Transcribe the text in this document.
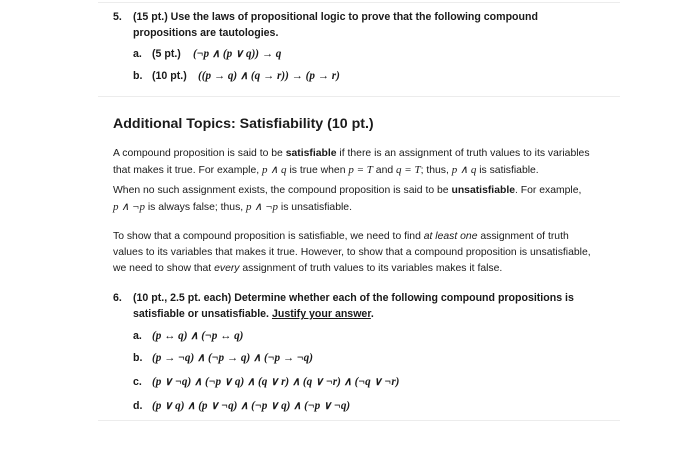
5. (15 pt.) Use the laws of propositional logic to prove that the following compound
propositions are tautologies.
a. (5 pt.) (¬p ∧ (p ∨ q)) → q
b. (10 pt.) ((p → q) ∧ (q → r)) → (p → r)
Additional Topics: Satisfiability (10 pt.)
A compound proposition is said to be satisfiable if there is an assignment of truth values to its variables
that makes it true. For example, p ∧ q is true when p = T and q = T; thus, p ∧ q is satisfiable.
When no such assignment exists, the compound proposition is said to be unsatisfiable. For example,
p ∧ ¬p is always false; thus, p ∧ ¬p is unsatisfiable.
To show that a compound proposition is satisfiable, we need to find at least one assignment of truth
values to its variables that makes it true. However, to show that a compound proposition is unsatisfiable,
we need to show that every assignment of truth values to its variables makes it false.
6. (10 pt., 2.5 pt. each) Determine whether each of the following compound propositions is
satisfiable or unsatisfiable. Justify your answer.
a. (p ↔ q) ∧ (¬p ↔ q)
b. (p → ¬q) ∧ (¬p → q) ∧ (¬p → ¬q)
c. (p ∨ ¬q) ∧ (¬p ∨ q) ∧ (q ∨ r) ∧ (q ∨ ¬r) ∧ (¬q ∨ ¬r)
d. (p ∨ q) ∧ (p ∨ ¬q) ∧ (¬p ∨ q) ∧ (¬p ∨ ¬q)
